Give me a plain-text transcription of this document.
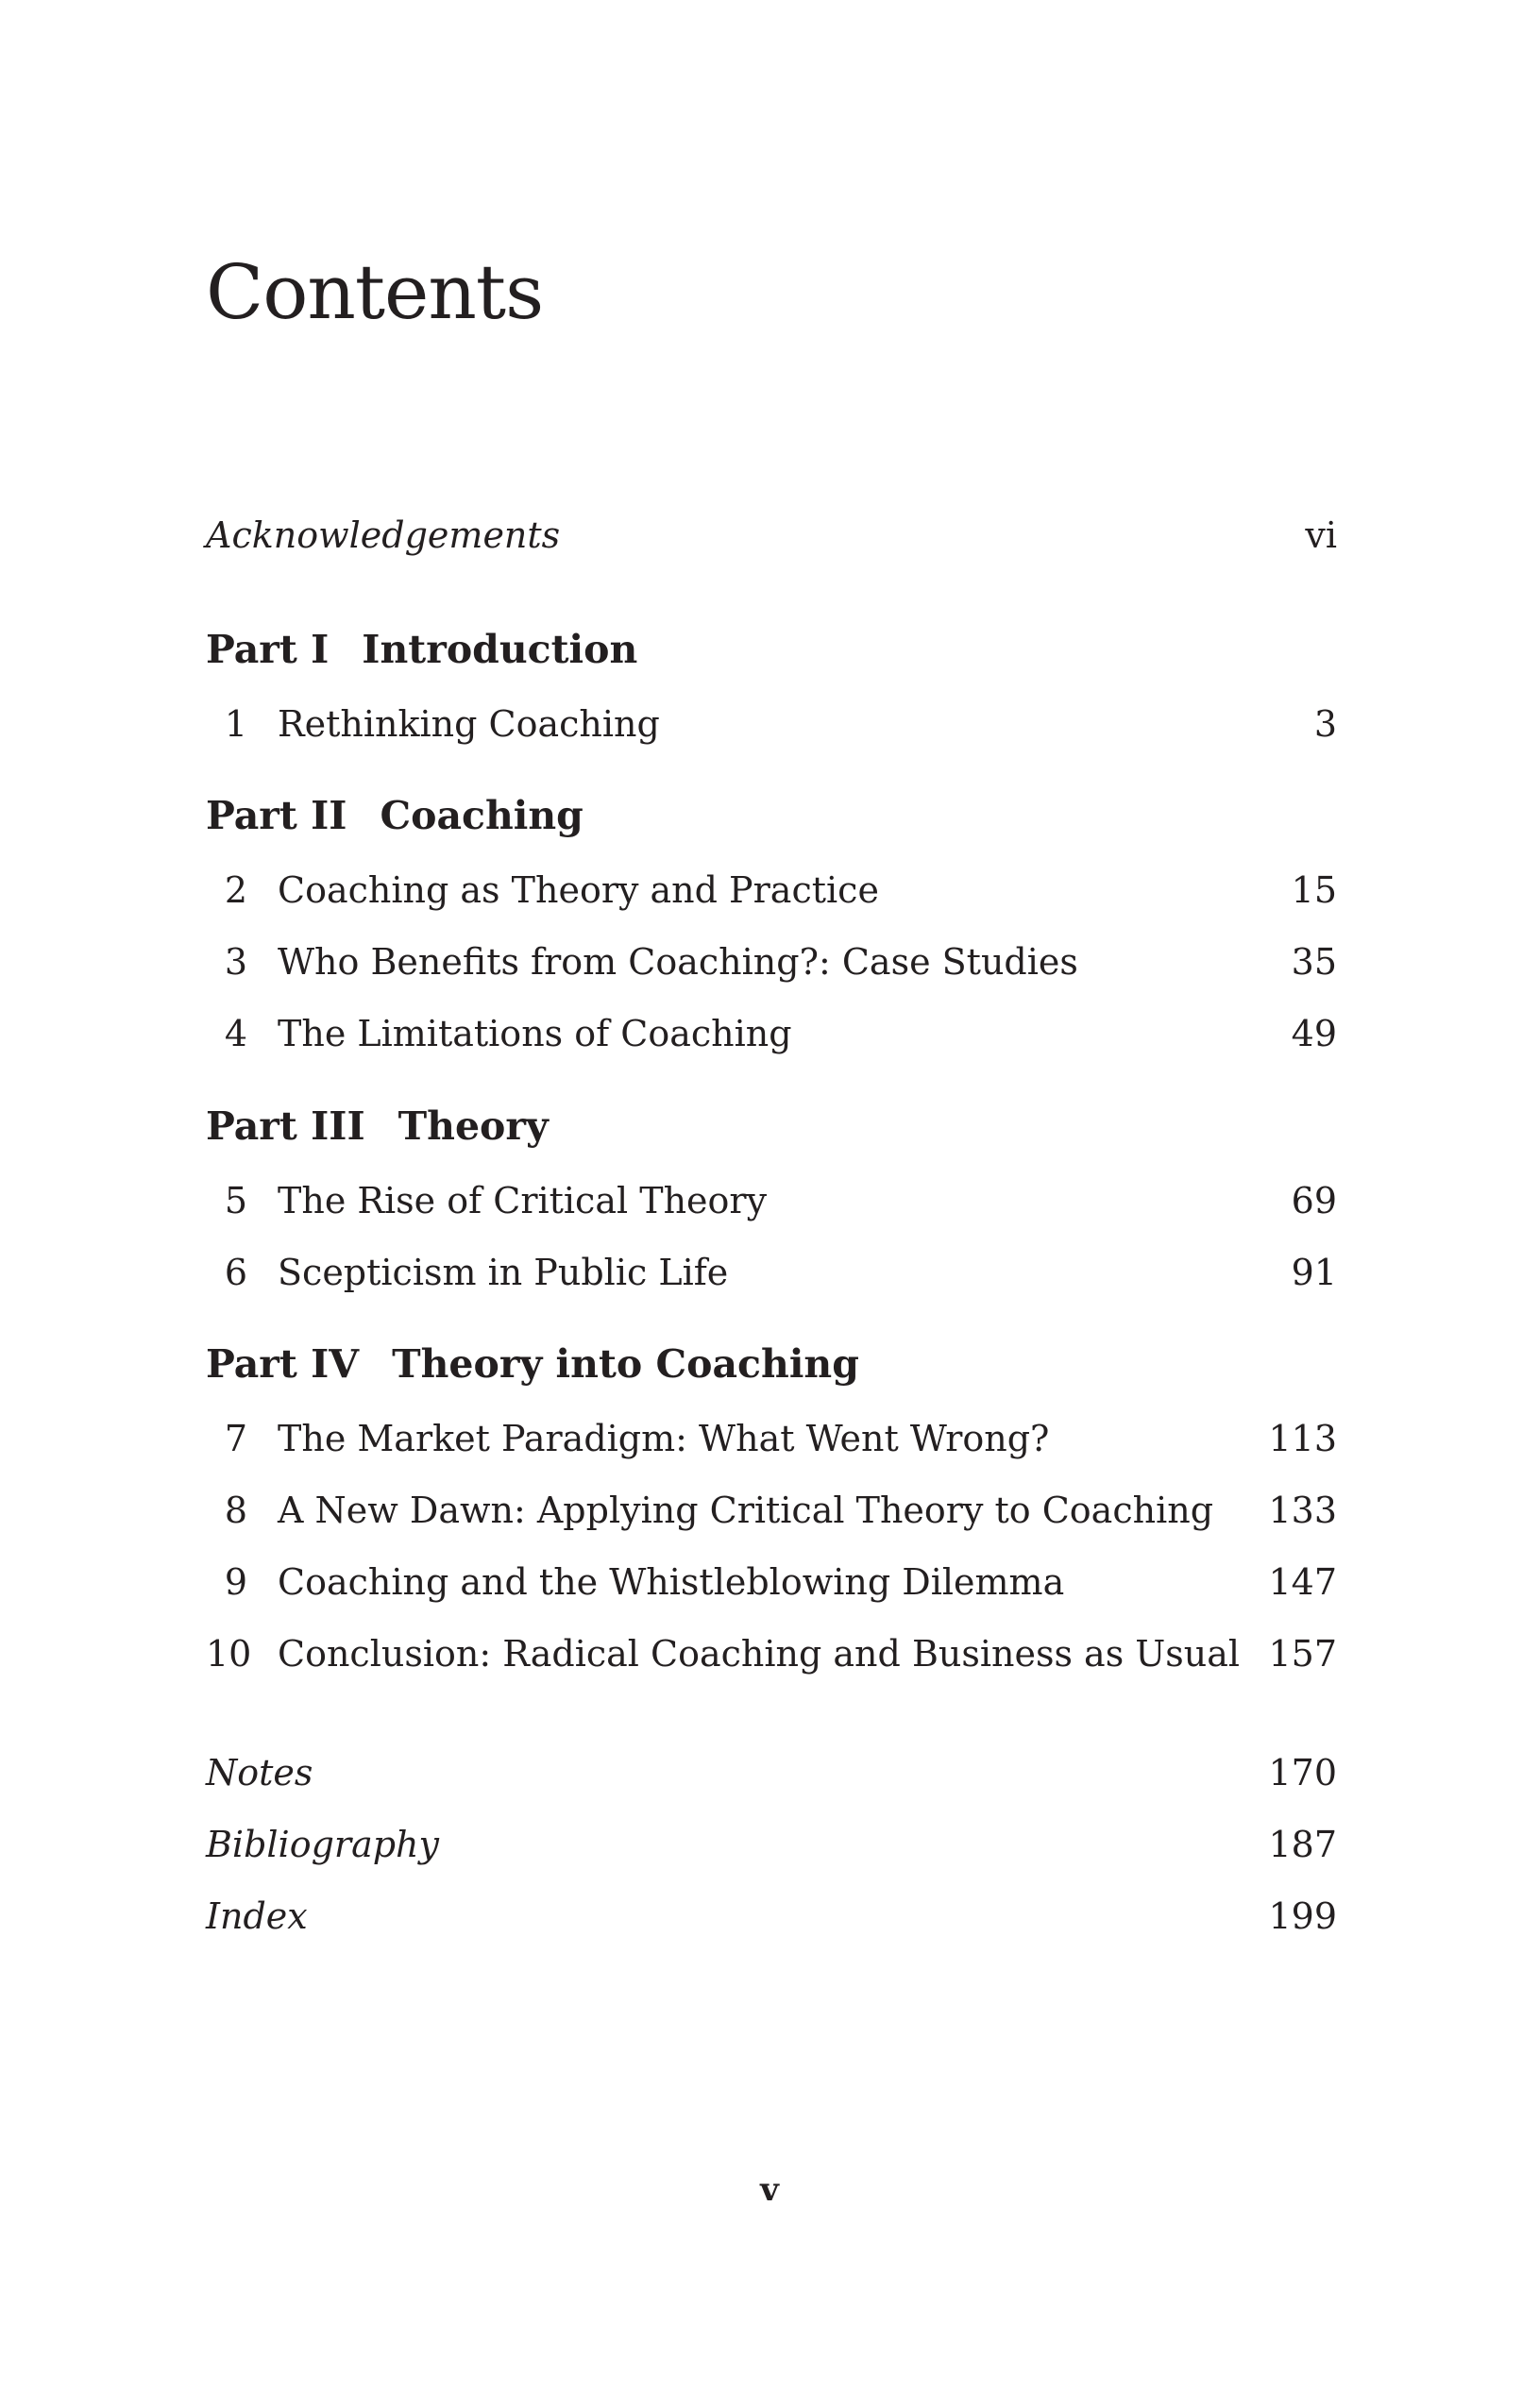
Contents
Acknowledgements	vi
Part I Introduction
1 Rethinking Coaching	3
Part II Coaching
2 Coaching as Theory and Practice	15
3 Who Benefits from Coaching?: Case Studies	35
4 The Limitations of Coaching	49
Part III Theory
5 The Rise of Critical Theory	69
6 Scepticism in Public Life	91
Part IV Theory into Coaching
7 The Market Paradigm: What Went Wrong?	113
8 A New Dawn: Applying Critical Theory to Coaching	133
9 Coaching and the Whistleblowing Dilemma	147
10 Conclusion: Radical Coaching and Business as Usual 157
Notes	170
Bibliography	187
Index	199
v
